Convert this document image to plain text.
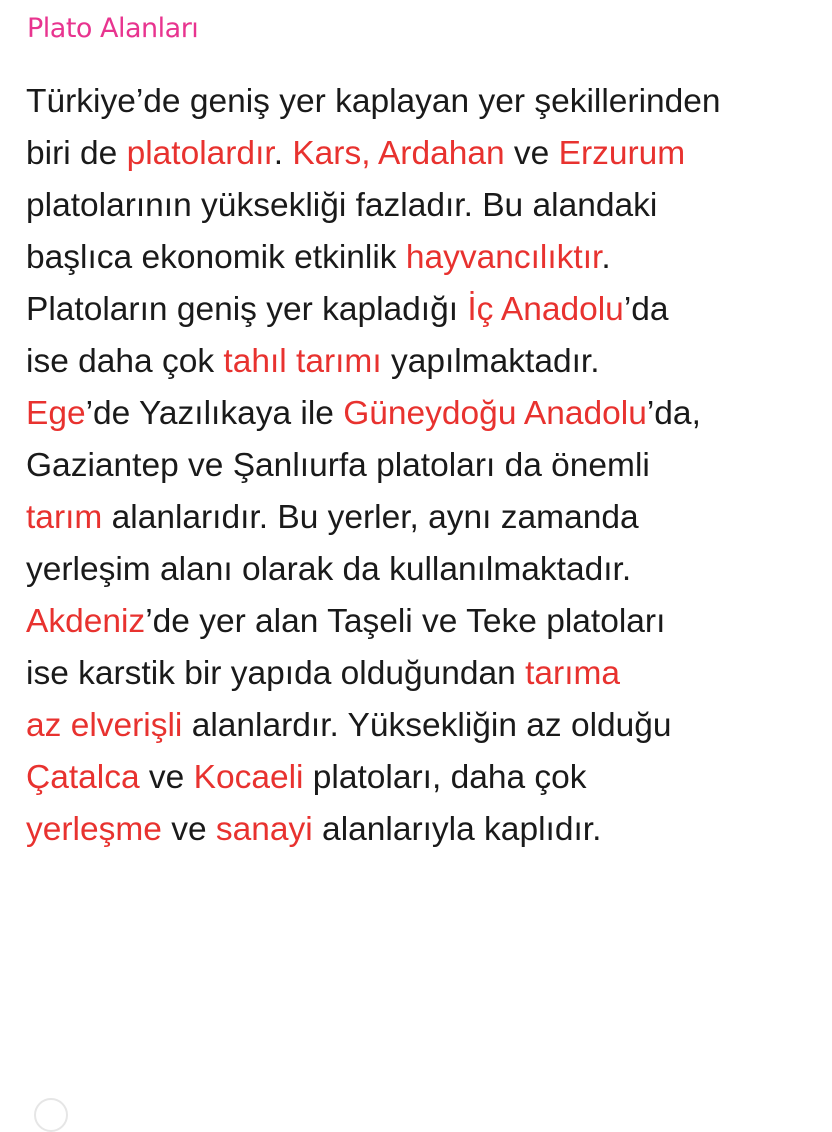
Plato Alanları
Türkiye’de geniş yer kaplayan yer şekillerinden
biri de platolardır. Kars, Ardahan ve Erzurum
platolarının yüksekliği fazladır. Bu alandaki
başlıca ekonomik etkinlik hayvancılıktır.
Platoların geniş yer kapladığı İç Anadolu’da
ise daha çok tahıl tarımı yapılmaktadır.
Ege’de Yazılıkaya ile Güneydoğu Anadolu’da,
Gaziantep ve Şanlıurfa platoları da önemli
tarım alanlarıdır. Bu yerler, aynı zamanda
yerleşim alanı olarak da kullanılmaktadır.
Akdeniz’de yer alan Taşeli ve Teke platoları
ise karstik bir yapıda olduğundan tarıma
az elverişli alanlardır. Yüksekliğin az olduğu
Çatalca ve Kocaeli platoları, daha çok
yerleşme ve sanayi alanlarıyla kaplıdır.
